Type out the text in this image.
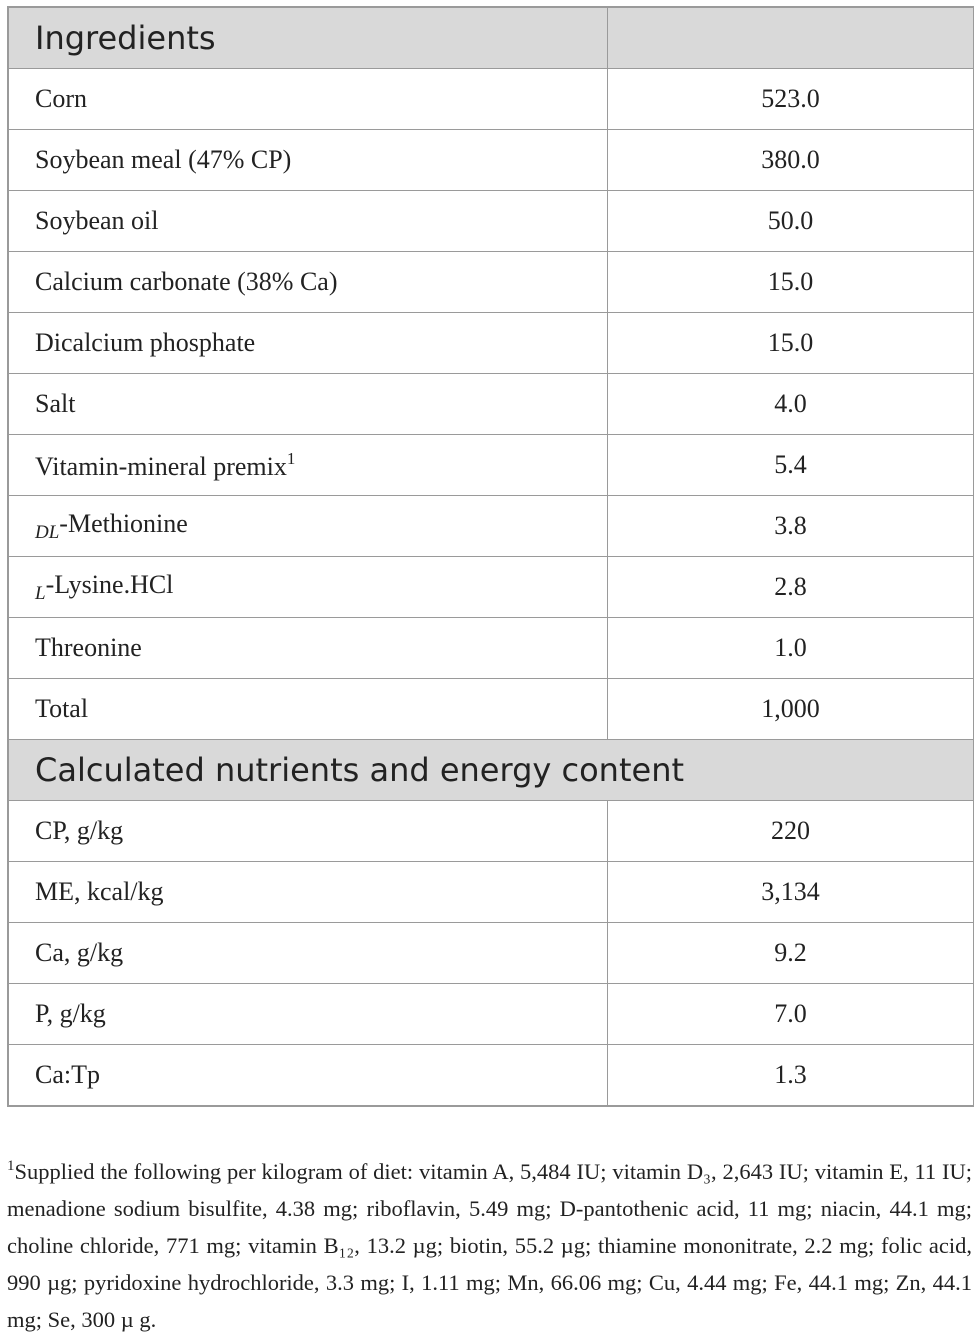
Ingredients	
Corn	523.0
Soybean meal (47% CP)	380.0
Soybean oil	50.0
Calcium carbonate (38% Ca)	15.0
Dicalcium phosphate	15.0
Salt	4.0
Vitamin-mineral premix$^1$	5.4
$_{DL}$-Methionine	3.8
$_L$-Lysine.HCl	2.8
Threonine	1.0
Total	1,000
Calculated nutrients and energy content	
CP, g/kg	220
ME, kcal/kg	3,134
Ca, g/kg	9.2
P, g/kg	7.0
Ca:Tp	1.3
$^1$Supplied the following per kilogram of diet: vitamin A, 5,484 IU; vitamin D₃, 2,643 IU; vitamin E, 11 IU; menadione sodium bisulfite, 4.38 mg; riboflavin, 5.49 mg; D-pantothenic acid, 11 mg; niacin, 44.1 mg; choline chloride, 771 mg; vitamin B₁₂, 13.2 µg; biotin, 55.2 µg; thiamine mononitrate, 2.2 mg; folic acid, 990 µg; pyridoxine hydrochloride, 3.3 mg; I, 1.11 mg; Mn, 66.06 mg; Cu, 4.44 mg; Fe, 44.1 mg; Zn, 44.1 mg; Se, 300 µ g.
